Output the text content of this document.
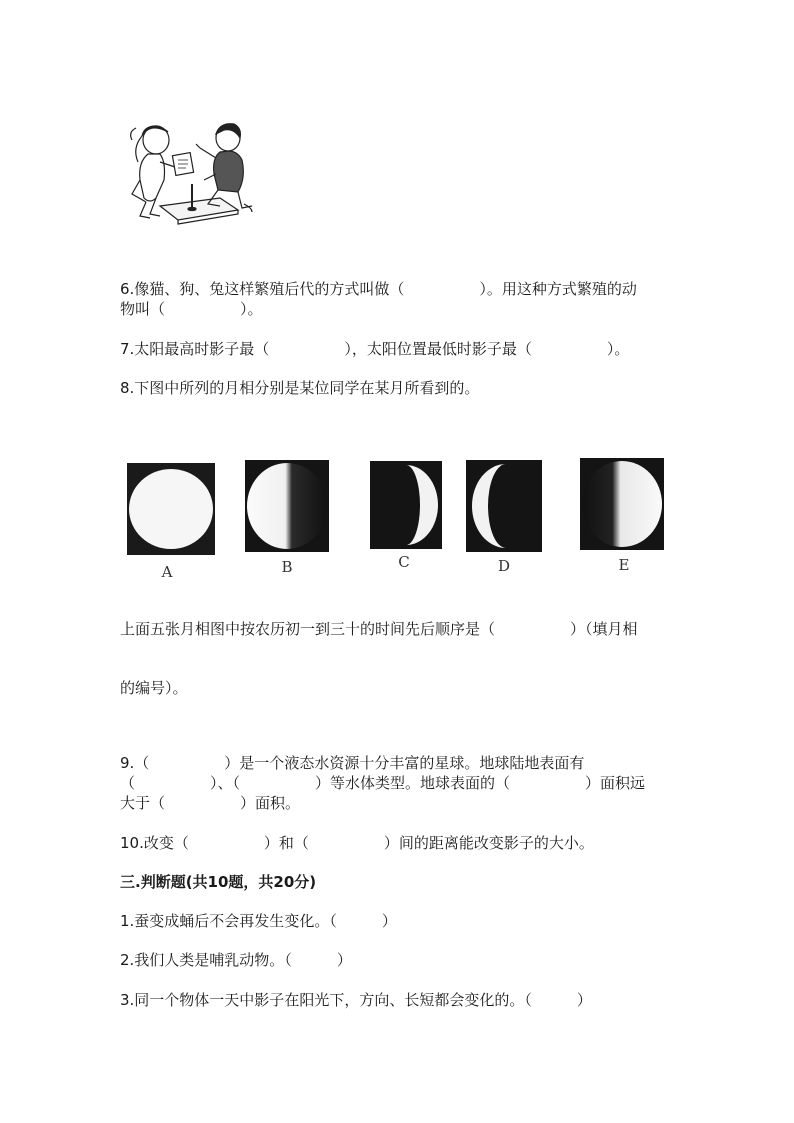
6.像猫、狗、兔这样繁殖后代的方式叫做（　　　　　）。用这种方式繁殖的动
物叫（　　　　　）。
7.太阳最高时影子最（　　　　　），太阳位置最低时影子最（　　　　　）。
8.下图中所列的月相分别是某位同学在某月所看到的。
A	B	C	D	E
上面五张月相图中按农历初一到三十的时间先后顺序是（　　　　　）（填月相
的编号）。
9.（　　　　　）是一个液态水资源十分丰富的星球。地球陆地表面有
（　　　　　）、（　　　　　）等水体类型。地球表面的（　　　　　）面积远
大于（　　　　　）面积。
10.改变（　　　　　）和（　　　　　）间的距离能改变影子的大小。
三.判断题(共10题，共20分)
1.蚕变成蛹后不会再发生变化。（　　　）
2.我们人类是哺乳动物。（　　　）
3.同一个物体一天中影子在阳光下，方向、长短都会变化的。（　　　）
